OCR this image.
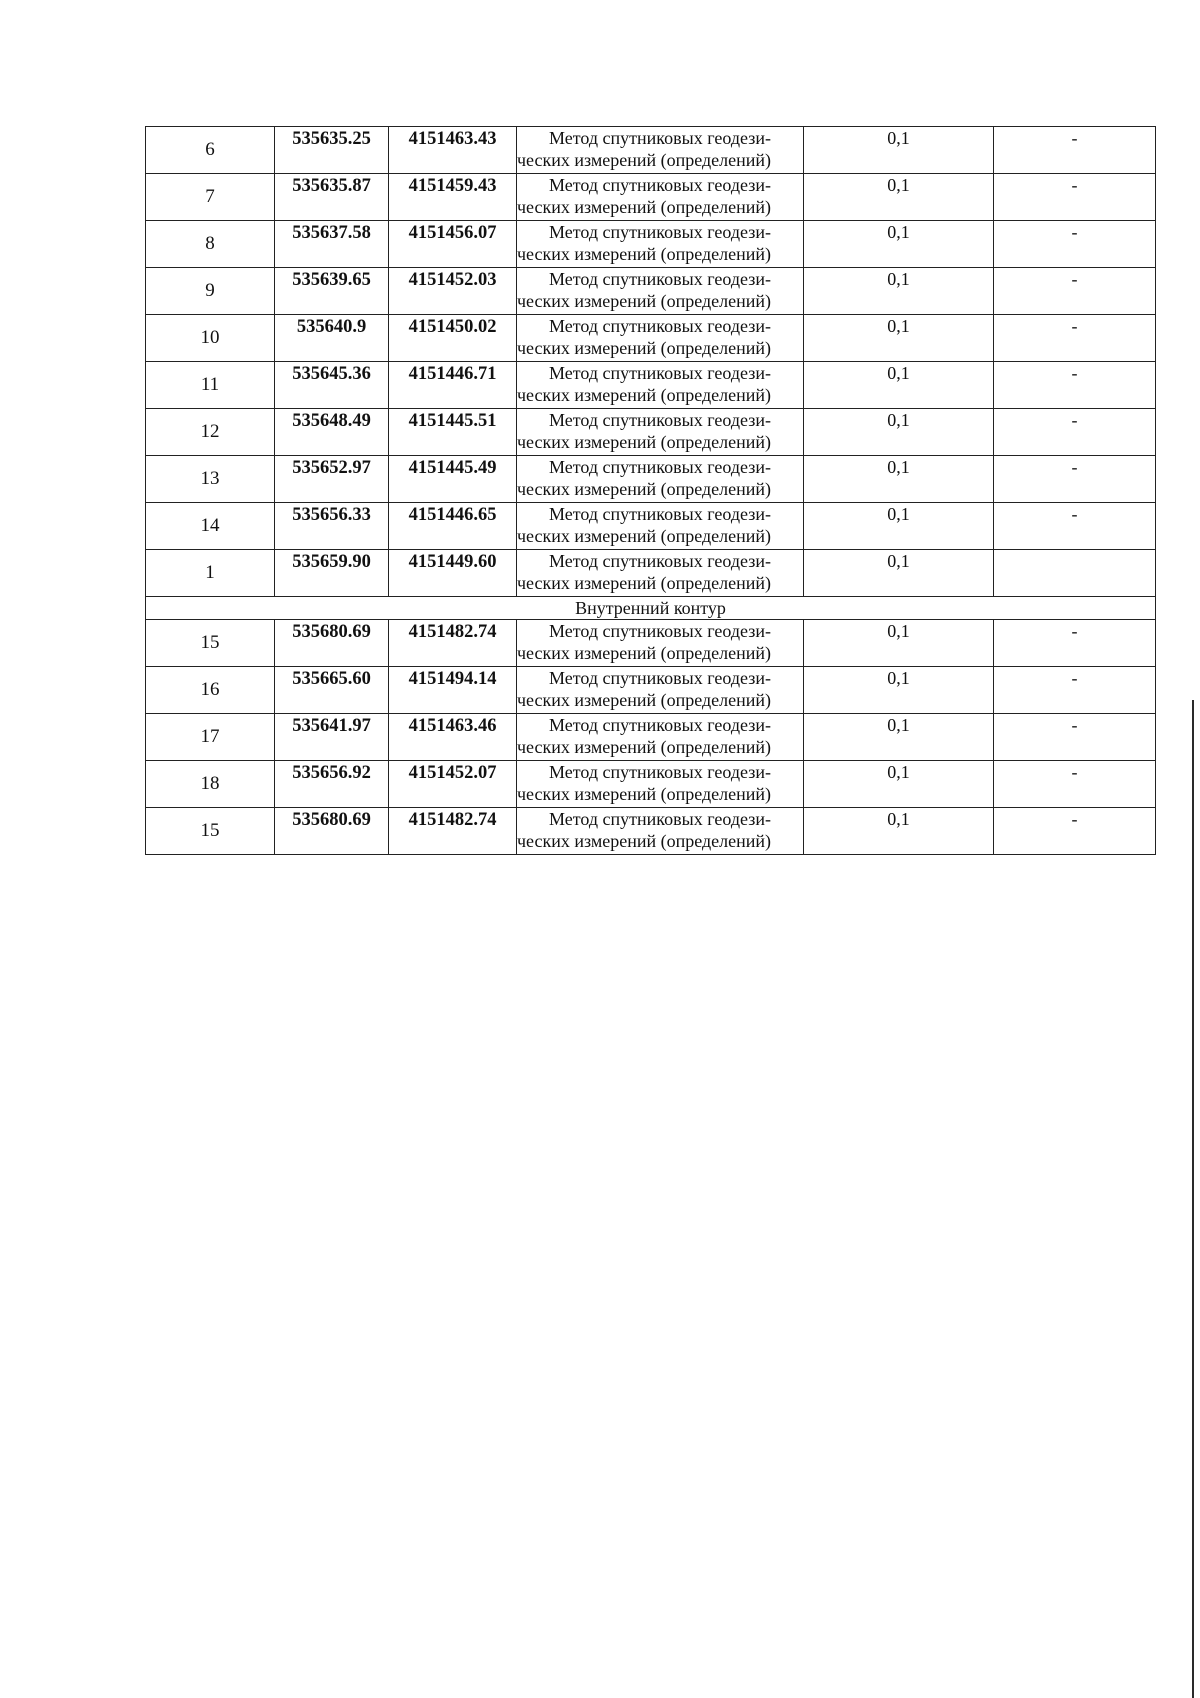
6	535635.25	4151463.43	Метод спутниковых геодези-
ческих измерений (определений)	0,1	-
7	535635.87	4151459.43	Метод спутниковых геодези-
ческих измерений (определений)	0,1	-
8	535637.58	4151456.07	Метод спутниковых геодези-
ческих измерений (определений)	0,1	-
9	535639.65	4151452.03	Метод спутниковых геодези-
ческих измерений (определений)	0,1	-
10	535640.9	4151450.02	Метод спутниковых геодези-
ческих измерений (определений)	0,1	-
11	535645.36	4151446.71	Метод спутниковых геодези-
ческих измерений (определений)	0,1	-
12	535648.49	4151445.51	Метод спутниковых геодези-
ческих измерений (определений)	0,1	-
13	535652.97	4151445.49	Метод спутниковых геодези-
ческих измерений (определений)	0,1	-
14	535656.33	4151446.65	Метод спутниковых геодези-
ческих измерений (определений)	0,1	-
1	535659.90	4151449.60	Метод спутниковых геодези-
ческих измерений (определений)	0,1	
Внутренний контур					
15	535680.69	4151482.74	Метод спутниковых геодези-
ческих измерений (определений)	0,1	-
16	535665.60	4151494.14	Метод спутниковых геодези-
ческих измерений (определений)	0,1	-
17	535641.97	4151463.46	Метод спутниковых геодези-
ческих измерений (определений)	0,1	-
18	535656.92	4151452.07	Метод спутниковых геодези-
ческих измерений (определений)	0,1	-
15	535680.69	4151482.74	Метод спутниковых геодези-
ческих измерений (определений)	0,1	-
